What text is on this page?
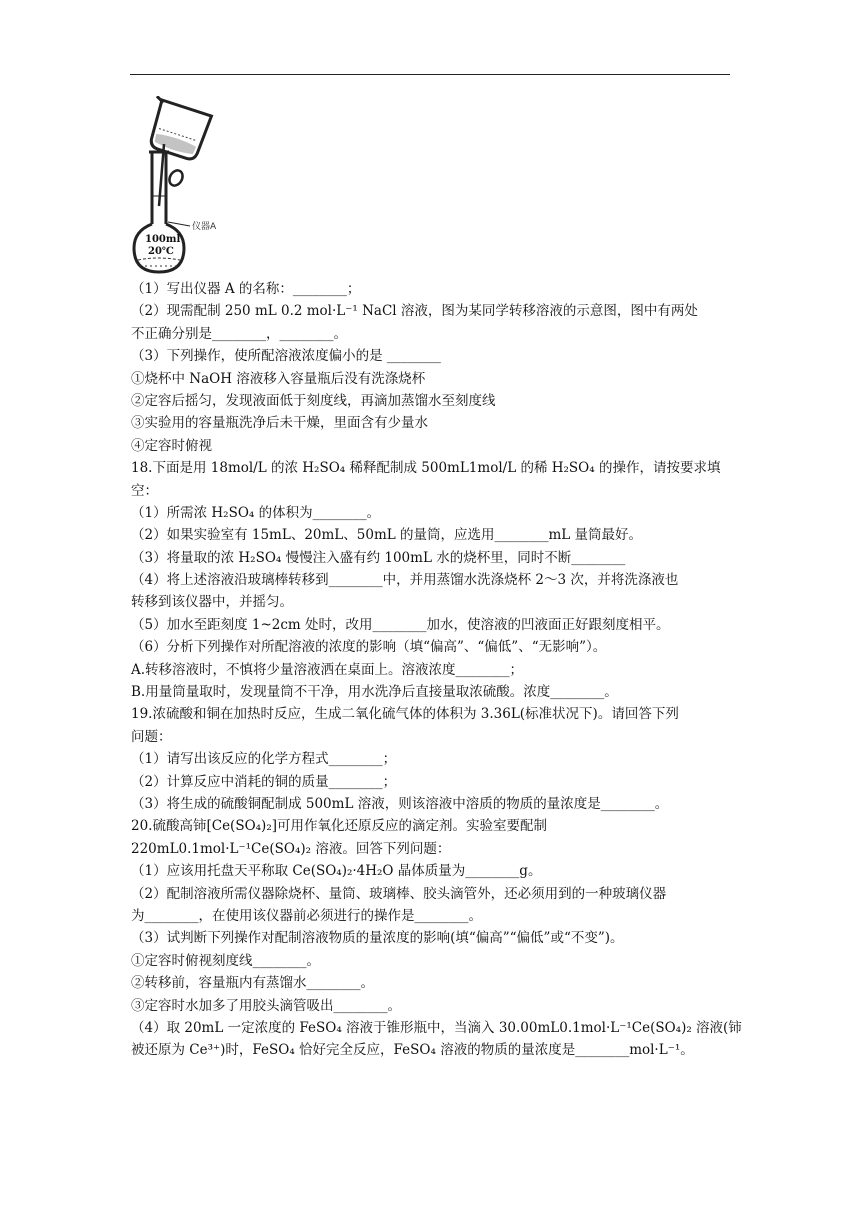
仪器A
100ml
20℃
（1）写出仪器 A 的名称：________；
（2）现需配制 250 mL 0.2 mol·L⁻¹ NaCl 溶液，图为某同学转移溶液的示意图，图中有两处
不正确分别是________，________。
（3）下列操作，使所配溶液浓度偏小的是 ________
①烧杯中 NaOH 溶液移入容量瓶后没有洗涤烧杯
②定容后摇匀，发现液面低于刻度线，再滴加蒸馏水至刻度线
③实验用的容量瓶洗净后未干燥，里面含有少量水
④定容时俯视
18.下面是用 18mol/L 的浓 H₂SO₄ 稀释配制成 500mL1mol/L 的稀 H₂SO₄ 的操作，请按要求填
空：
（1）所需浓 H₂SO₄ 的体积为________。
（2）如果实验室有 15mL、20mL、50mL 的量筒，应选用________mL 量筒最好。
（3）将量取的浓 H₂SO₄ 慢慢注入盛有约 100mL 水的烧杯里，同时不断________
（4）将上述溶液沿玻璃棒转移到________中，并用蒸馏水洗涤烧杯 2～3 次，并将洗涤液也
转移到该仪器中，并摇匀。
（5）加水至距刻度 1~2cm 处时，改用________加水，使溶液的凹液面正好跟刻度相平。
（6）分析下列操作对所配溶液的浓度的影响（填“偏高”、“偏低”、“无影响”）。
A.转移溶液时，不慎将少量溶液洒在桌面上。溶液浓度________；
B.用量筒量取时，发现量筒不干净，用水洗净后直接量取浓硫酸。浓度________。
19.浓硫酸和铜在加热时反应，生成二氧化硫气体的体积为 3.36L(标准状况下)。请回答下列
问题：
（1）请写出该反应的化学方程式________；
（2）计算反应中消耗的铜的质量________；
（3）将生成的硫酸铜配制成 500mL 溶液，则该溶液中溶质的物质的量浓度是________。
20.硫酸高铈[Ce(SO₄)₂]可用作氧化还原反应的滴定剂。实验室要配制
220mL0.1mol·L⁻¹Ce(SO₄)₂ 溶液。回答下列问题：
（1）应该用托盘天平称取 Ce(SO₄)₂·4H₂O 晶体质量为________g。
（2）配制溶液所需仪器除烧杯、量筒、玻璃棒、胶头滴管外，还必须用到的一种玻璃仪器
为________，在使用该仪器前必须进行的操作是________。
（3）试判断下列操作对配制溶液物质的量浓度的影响(填“偏高”“偏低”或“不变”)。
①定容时俯视刻度线________。
②转移前，容量瓶内有蒸馏水________。
③定容时水加多了用胶头滴管吸出________。
（4）取 20mL 一定浓度的 FeSO₄ 溶液于锥形瓶中，当滴入 30.00mL0.1mol·L⁻¹Ce(SO₄)₂ 溶液(铈
被还原为 Ce³⁺)时，FeSO₄ 恰好完全反应，FeSO₄ 溶液的物质的量浓度是________mol·L⁻¹。
